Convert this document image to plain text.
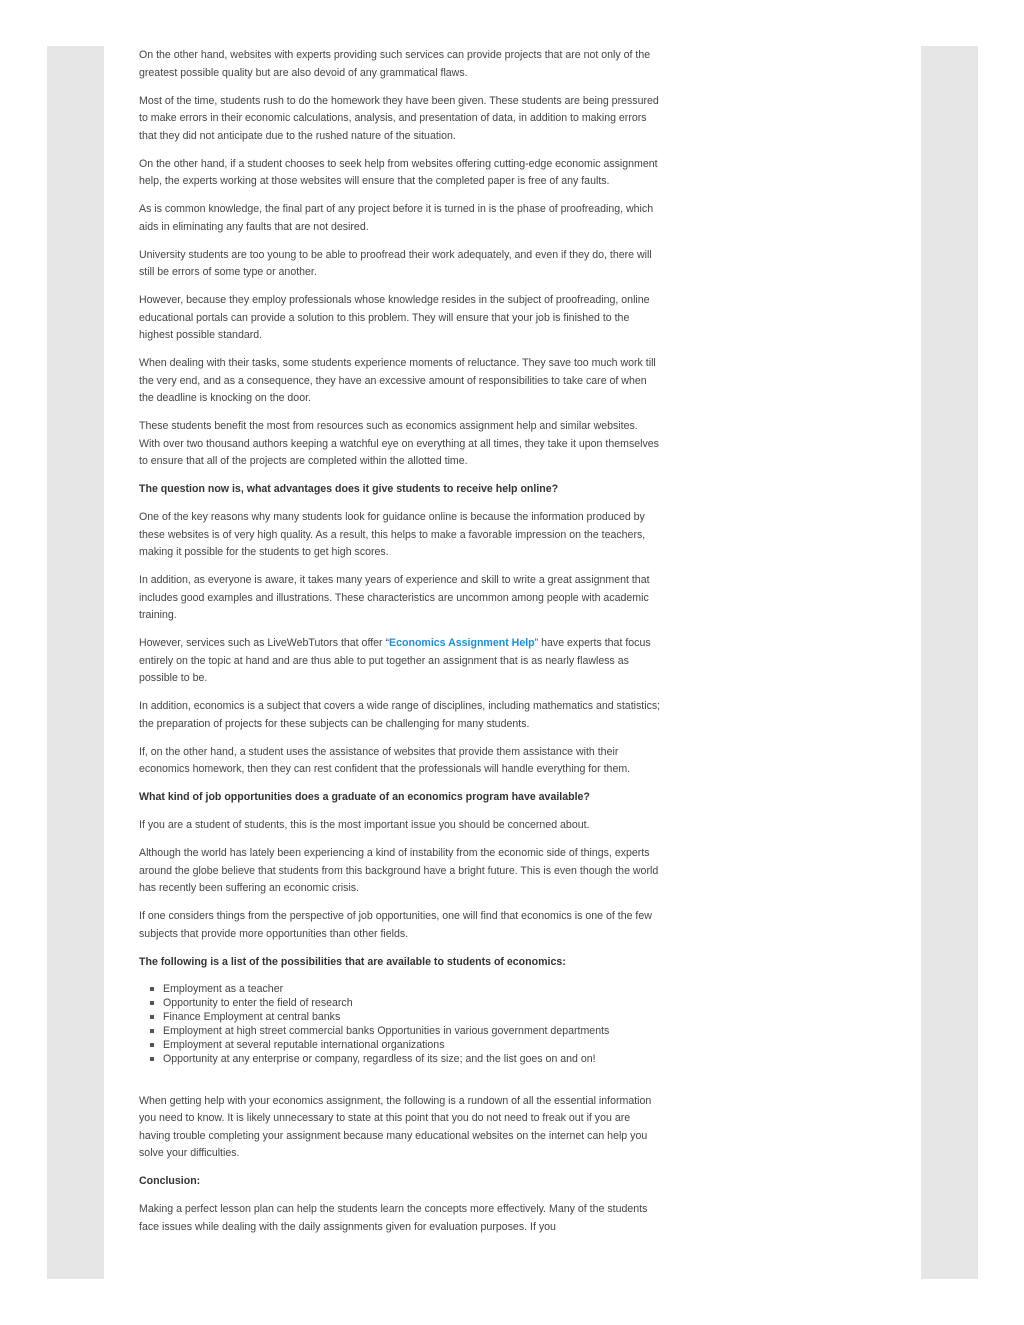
On the other hand, websites with experts providing such services can provide projects that are not only of the greatest possible quality but are also devoid of any grammatical flaws.

Most of the time, students rush to do the homework they have been given. These students are being pressured to make errors in their economic calculations, analysis, and presentation of data, in addition to making errors that they did not anticipate due to the rushed nature of the situation.

On the other hand, if a student chooses to seek help from websites offering cutting-edge economic assignment help, the experts working at those websites will ensure that the completed paper is free of any faults.

As is common knowledge, the final part of any project before it is turned in is the phase of proofreading, which aids in eliminating any faults that are not desired.

University students are too young to be able to proofread their work adequately, and even if they do, there will still be errors of some type or another.

However, because they employ professionals whose knowledge resides in the subject of proofreading, online educational portals can provide a solution to this problem. They will ensure that your job is finished to the highest possible standard.

When dealing with their tasks, some students experience moments of reluctance. They save too much work till the very end, and as a consequence, they have an excessive amount of responsibilities to take care of when the deadline is knocking on the door.

These students benefit the most from resources such as economics assignment help and similar websites. With over two thousand authors keeping a watchful eye on everything at all times, they take it upon themselves to ensure that all of the projects are completed within the allotted time.

The question now is, what advantages does it give students to receive help online?

One of the key reasons why many students look for guidance online is because the information produced by these websites is of very high quality. As a result, this helps to make a favorable impression on the teachers, making it possible for the students to get high scores.

In addition, as everyone is aware, it takes many years of experience and skill to write a great assignment that includes good examples and illustrations. These characteristics are uncommon among people with academic training.

However, services such as LiveWebTutors that offer “Economics Assignment Help” have experts that focus entirely on the topic at hand and are thus able to put together an assignment that is as nearly flawless as possible to be.

In addition, economics is a subject that covers a wide range of disciplines, including mathematics and statistics; the preparation of projects for these subjects can be challenging for many students.

If, on the other hand, a student uses the assistance of websites that provide them assistance with their economics homework, then they can rest confident that the professionals will handle everything for them.

What kind of job opportunities does a graduate of an economics program have available?

If you are a student of students, this is the most important issue you should be concerned about.

Although the world has lately been experiencing a kind of instability from the economic side of things, experts around the globe believe that students from this background have a bright future. This is even though the world has recently been suffering an economic crisis.

If one considers things from the perspective of job opportunities, one will find that economics is one of the few subjects that provide more opportunities than other fields.

The following is a list of the possibilities that are available to students of economics:

Employment as a teacher
Opportunity to enter the field of research
Finance Employment at central banks
Employment at high street commercial banks Opportunities in various government departments
Employment at several reputable international organizations
Opportunity at any enterprise or company, regardless of its size; and the list goes on and on!

When getting help with your economics assignment, the following is a rundown of all the essential information you need to know. It is likely unnecessary to state at this point that you do not need to freak out if you are having trouble completing your assignment because many educational websites on the internet can help you solve your difficulties.

Conclusion:

Making a perfect lesson plan can help the students learn the concepts more effectively. Many of the students face issues while dealing with the daily assignments given for evaluation purposes. If you
